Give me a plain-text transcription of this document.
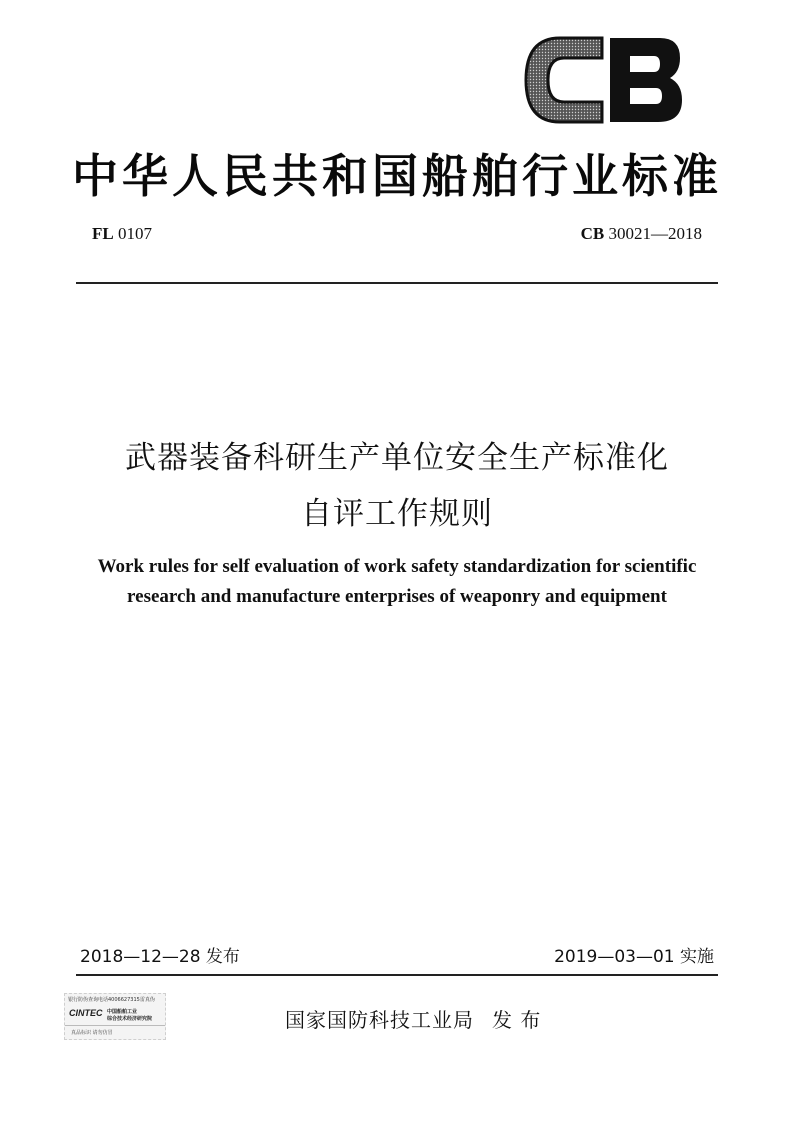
中华人民共和国船舶行业标准
FL 0107	CB 30021—2018
武器装备科研生产单位安全生产标准化
自评工作规则
Work rules for self evaluation of work safety standardization for scientific
research and manufacture enterprises of weaponry and equipment
2018—12—28 发布	2019—03—01 实施
银行防伪查询电话4006627315雷真伪
CINTEC 中国船舶工业
综合技术经济研究院
真品标识 请勿仿冒
国家国防科技工业局 发 布
